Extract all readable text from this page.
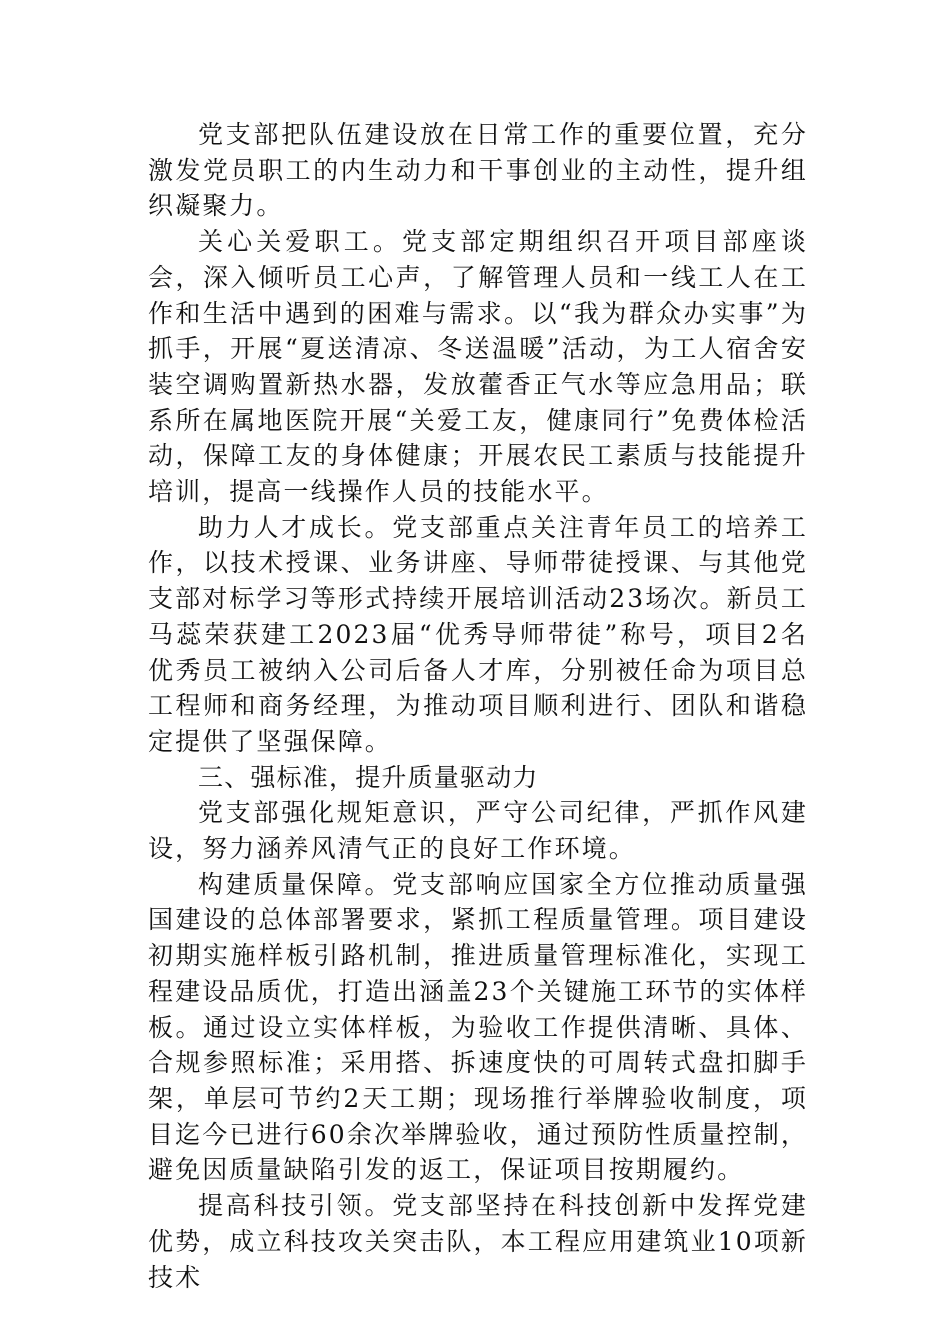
党支部把队伍建设放在日常工作的重要位置，充分激发党员职工的内生动力和干事创业的主动性，提升组织凝聚力。

关心关爱职工。党支部定期组织召开项目部座谈会，深入倾听员工心声，了解管理人员和一线工人在工作和生活中遇到的困难与需求。以“我为群众办实事”为抓手，开展“夏送清凉、冬送温暖”活动，为工人宿舍安装空调购置新热水器，发放藿香正气水等应急用品；联系所在属地医院开展“关爱工友，健康同行”免费体检活动，保障工友的身体健康；开展农民工素质与技能提升培训，提高一线操作人员的技能水平。

助力人才成长。党支部重点关注青年员工的培养工作，以技术授课、业务讲座、导师带徒授课、与其他党支部对标学习等形式持续开展培训活动23场次。新员工马蕊荣获建工2023届“优秀导师带徒”称号，项目2名优秀员工被纳入公司后备人才库，分别被任命为项目总工程师和商务经理，为推动项目顺利进行、团队和谐稳定提供了坚强保障。

三、强标准，提升质量驱动力

党支部强化规矩意识，严守公司纪律，严抓作风建设，努力涵养风清气正的良好工作环境。

构建质量保障。党支部响应国家全方位推动质量强国建设的总体部署要求，紧抓工程质量管理。项目建设初期实施样板引路机制，推进质量管理标准化，实现工程建设品质优，打造出涵盖23个关键施工环节的实体样板。通过设立实体样板，为验收工作提供清晰、具体、合规参照标准；采用搭、拆速度快的可周转式盘扣脚手架，单层可节约2天工期；现场推行举牌验收制度，项目迄今已进行60余次举牌验收，通过预防性质量控制，避免因质量缺陷引发的返工，保证项目按期履约。

提高科技引领。党支部坚持在科技创新中发挥党建优势，成立科技攻关突击队，本工程应用建筑业10项新技术
